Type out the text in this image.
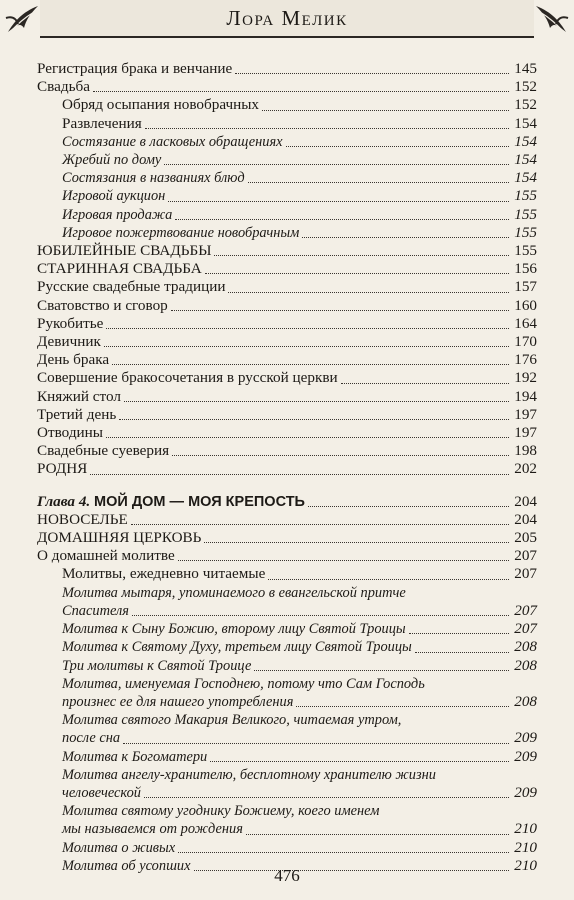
Лора Мелик
Регистрация брака и венчание	145
Свадьба	152
Обряд осыпания новобрачных	152
Развлечения	154
Состязание в ласковых обращениях	154
Жребий по дому	154
Состязания в названиях блюд	154
Игровой аукцион	155
Игровая продажа	155
Игровое пожертвование новобрачным	155
ЮБИЛЕЙНЫЕ СВАДЬБЫ	155
СТАРИННАЯ СВАДЬБА	156
Русские свадебные традиции	157
Сватовство и сговор	160
Рукобитье	164
Девичник	170
День брака	176
Совершение бракосочетания в русской церкви	192
Княжий стол	194
Третий день	197
Отводины	197
Свадебные суеверия	198
РОДНЯ	202
Глава 4. МОЙ ДОМ — МОЯ КРЕПОСТЬ	204
НОВОСЕЛЬЕ	204
ДОМАШНЯЯ ЦЕРКОВЬ	205
О домашней молитве	207
Молитвы, ежедневно читаемые	207
Молитва мытаря, упоминаемого в евангельской притче
Спасителя	207
Молитва к Сыну Божию, второму лицу Святой Троицы	207
Молитва к Святому Духу, третьем лицу Святой Троицы	208
Три молитвы к Святой Троице	208
Молитва, именуемая Господнею, потому что Сам Господь
произнес ее для нашего употребления	208
Молитва святого Макария Великого, читаемая утром,
после сна	209
Молитва к Богоматери	209
Молитва ангелу-хранителю, бесплотному хранителю жизни
человеческой	209
Молитва святому угоднику Божиему, коего именем
мы называемся от рождения	210
Молитва о живых	210
Молитва об усопших	210
476
